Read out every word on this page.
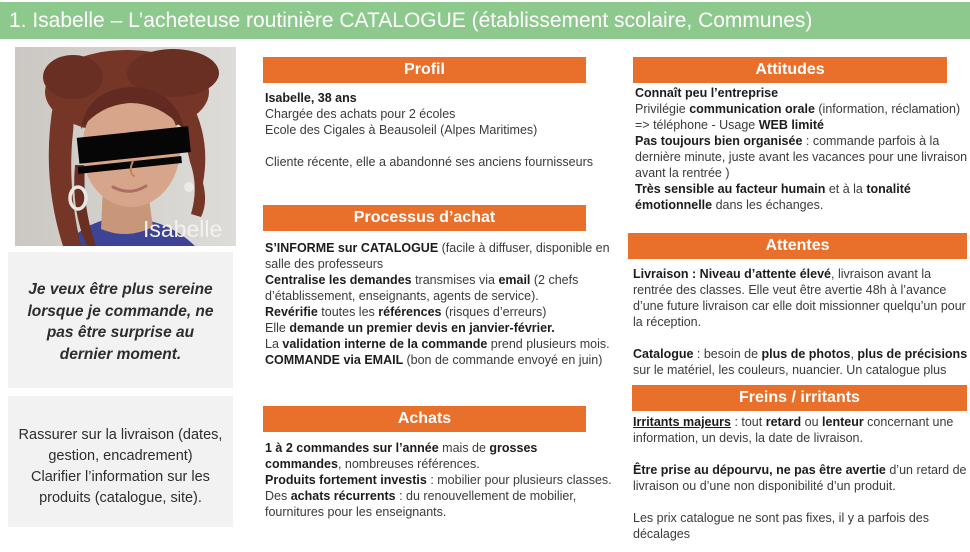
1. Isabelle – L’acheteuse routinière CATALOGUE (établissement scolaire, Communes)
Isabelle
Je veux être plus sereine lorsque je commande, ne pas être surprise au dernier moment.
Rassurer sur la livraison (dates, gestion, encadrement)
Clarifier l’information sur les produits (catalogue, site).
Profil
Isabelle, 38 ans
Chargée des achats pour 2 écoles
Ecole des Cigales à Beausoleil (Alpes Maritimes)
Cliente récente, elle a abandonné ses anciens fournisseurs
Processus d’achat
S’INFORME sur CATALOGUE (facile à diffuser, disponible en salle des professeurs
Centralise les demandes transmises via email (2 chefs d’établissement, enseignants, agents de service).
Revérifie toutes les références (risques d’erreurs)
Elle demande un premier devis en janvier-février.
La validation interne de la commande prend plusieurs mois.
COMMANDE via EMAIL (bon de commande envoyé en juin)
Achats
1 à 2 commandes sur l’année mais de grosses commandes, nombreuses références.
Produits fortement investis : mobilier pour plusieurs classes.
Des achats récurrents : du renouvellement de mobilier, fournitures pour les enseignants.
Attitudes
Connaît peu l’entreprise
Privilégie communication orale (information, réclamation) => téléphone - Usage WEB limité
Pas toujours bien organisée : commande parfois à la dernière minute, juste avant les vacances pour une livraison avant la rentrée )
Très sensible au facteur humain et à la tonalité émotionnelle dans les échanges.
Attentes
Livraison : Niveau d’attente élevé, livraison avant la rentrée des classes. Elle veut être avertie 48h à l’avance d’une future livraison car elle doit missionner quelqu’un pour la réception.
Catalogue : besoin de plus de photos, plus de précisions sur le matériel, les couleurs, nuancier. Un catalogue plus
Freins / irritants
Irritants majeurs : tout retard ou lenteur concernant une information, un devis, la date de livraison.
Être prise au dépourvu, ne pas être avertie d’un retard de livraison ou d’une non disponibilité d’un produit.
Les prix catalogue ne sont pas fixes, il y a parfois des décalages
